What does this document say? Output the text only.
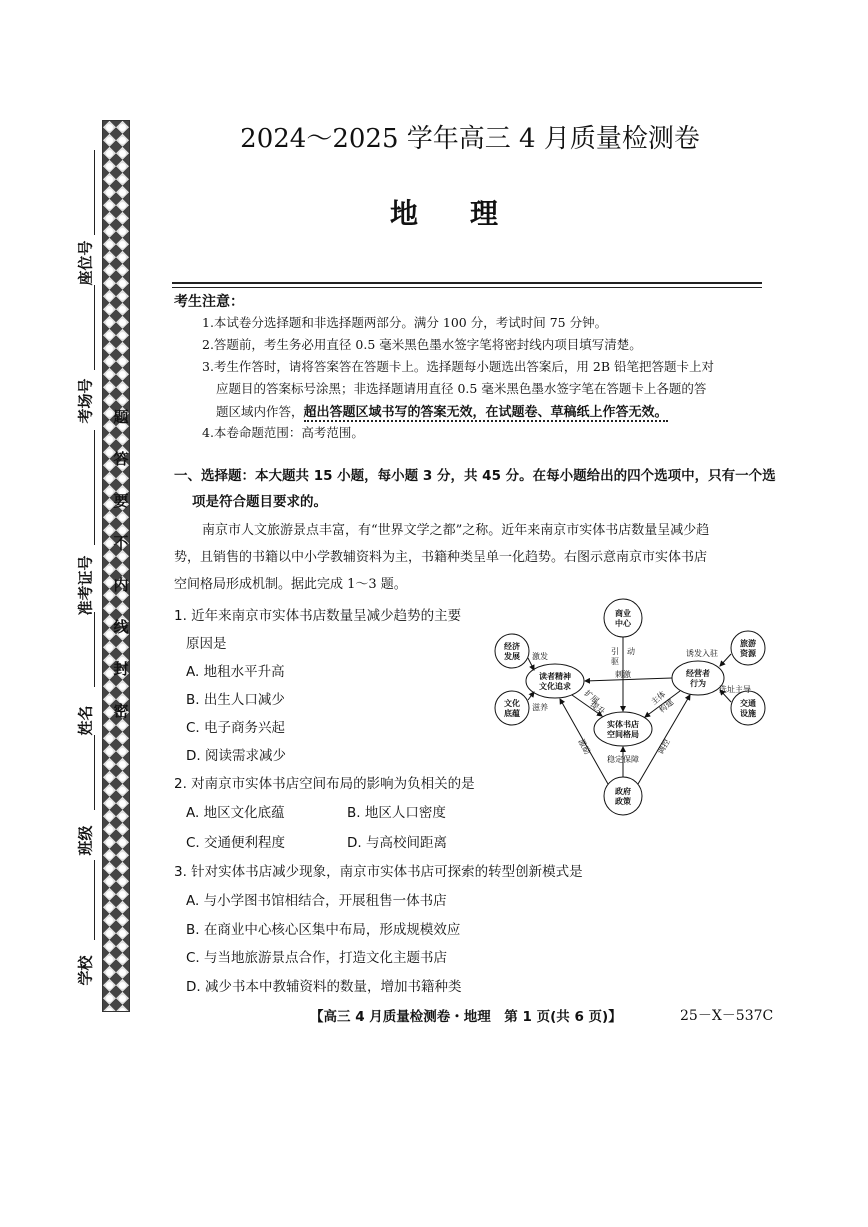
座位号
考场号
准考证号
姓名
班级
学校
题
答
要
不
内
线
封
密
2024～2025 学年高三 4 月质量检测卷
地理
考生注意：
1.本试卷分选择题和非选择题两部分。满分 100 分，考试时间 75 分钟。
2.答题前，考生务必用直径 0.5 毫米黑色墨水签字笔将密封线内项目填写清楚。
3.考生作答时，请将答案答在答题卡上。选择题每小题选出答案后，用 2B 铅笔把答题卡上对
应题目的答案标号涂黑；非选择题请用直径 0.5 毫米黑色墨水签字笔在答题卡上各题的答
题区域内作答，超出答题区域书写的答案无效，在试题卷、草稿纸上作答无效。
4.本卷命题范围：高考范围。
一、选择题：本大题共 15 小题，每小题 3 分，共 45 分。在每小题给出的四个选项中，只有一个选
项是符合题目要求的。
南京市人文旅游景点丰富，有“世界文学之都”之称。近年来南京市实体书店数量呈减少趋
势，且销售的书籍以中小学教辅资料为主，书籍种类呈单一化趋势。右图示意南京市实体书店
空间格局形成机制。据此完成 1～3 题。
1. 近年来南京市实体书店数量呈减少趋势的主要
原因是
A. 地租水平升高
B. 出生人口减少
C. 电子商务兴起
D. 阅读需求减少
2. 对南京市实体书店空间布局的影响为负相关的是
A. 地区文化底蕴	B. 地区人口密度
C. 交通便利程度	D. 与高校间距离
3. 针对实体书店减少现象，南京市实体书店可探索的转型创新模式是
A. 与小学图书馆相结合，开展租售一体书店
B. 在商业中心核心区集中布局，形成规模效应
C. 与当地旅游景点合作，打造文化主题书店
D. 减少书本中教辅资料的数量，增加书籍种类
商业
中心
经济
发展
文化
底蕴
读者精神
文化追求
实体书店
空间格局
经营者
行为
旅游
资源
交通
设施
政府
政策
激发
滋养
引
驱
动
刺激
扩展
提升
主体
构建
诱发入驻
选址主导
激励	调控
稳定 保障
【高三 4 月质量检测卷・地理　第 1 页(共 6 页)】	25－X－537C
